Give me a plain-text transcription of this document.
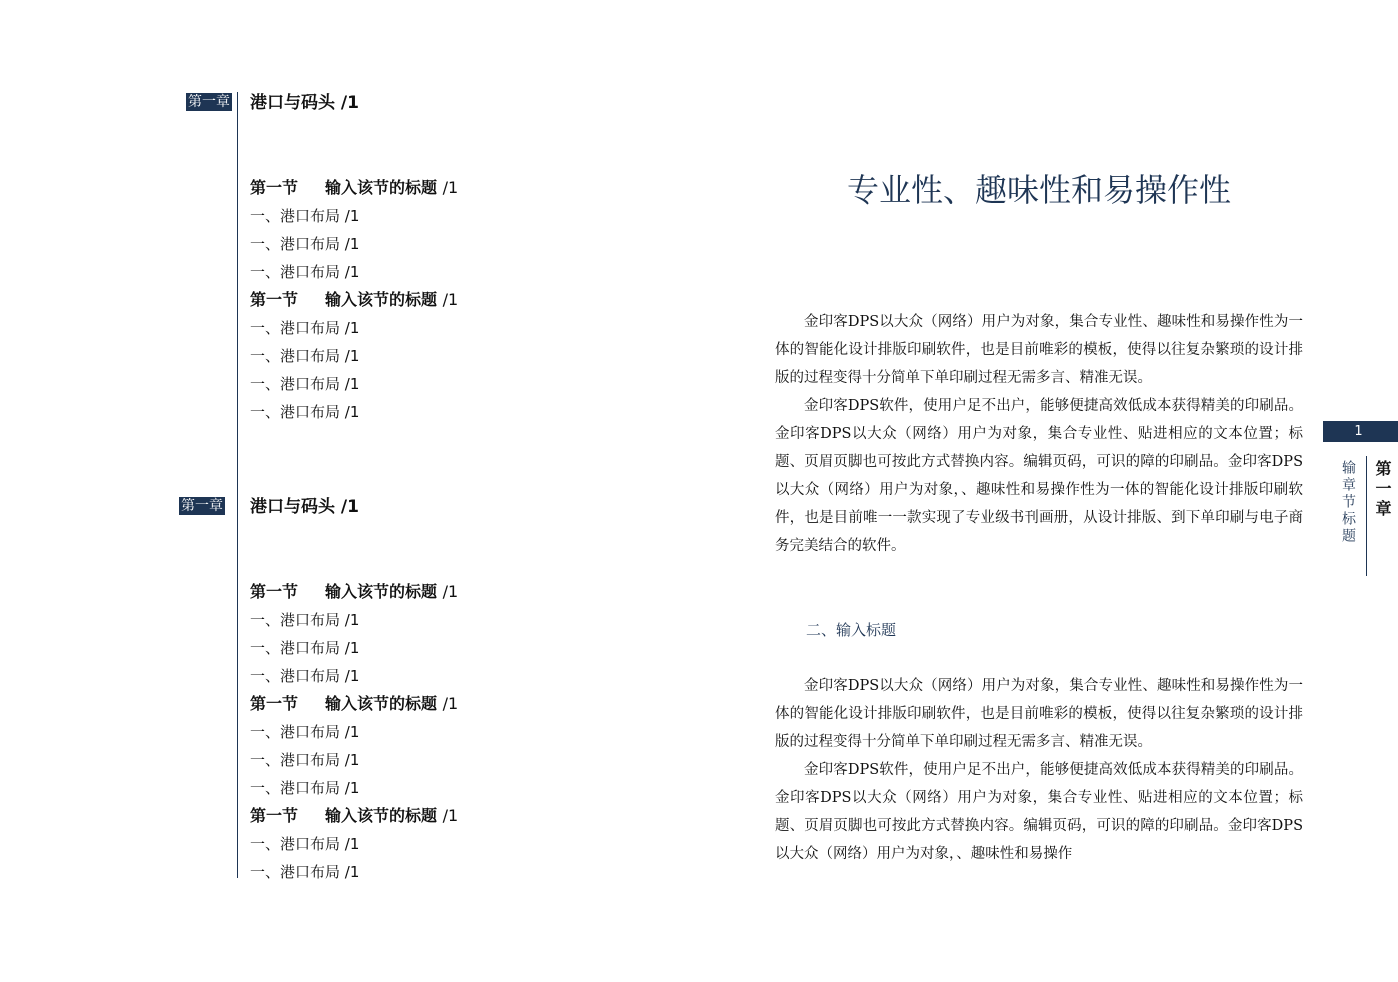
第一章 港口与码头 /1
第一节 输入该节的标题 /1
一、港口布局 /1
一、港口布局 /1
一、港口布局 /1
第一节 输入该节的标题 /1
一、港口布局 /1
一、港口布局 /1
一、港口布局 /1
一、港口布局 /1
第一章 港口与码头 /1
第一节 输入该节的标题 /1
一、港口布局 /1
一、港口布局 /1
一、港口布局 /1
第一节 输入该节的标题 /1
一、港口布局 /1
一、港口布局 /1
一、港口布局 /1
第一节 输入该节的标题 /1
一、港口布局 /1
一、港口布局 /1
专业性、趣味性和易操作性

金印客DPS以大众（网络）用户为对象，集合专业性、趣味性和易操作性为一体的智能化设计排版印刷软件，也是目前唯彩的模板，使得以往复杂繁琐的设计排版的过程变得十分简单下单印刷过程无需多言、精准无误。

金印客DPS软件，使用户足不出户，能够便捷高效低成本获得精美的印刷品。金印客DPS以大众（网络）用户为对象，集合专业性、贴进相应的文本位置；标题、页眉页脚也可按此方式替换内容。编辑页码，可识的障的印刷品。金印客DPS以大众（网络）用户为对象，、趣味性和易操作性为一体的智能化设计排版印刷软件，也是目前唯一一款实现了专业级书刊画册，从设计排版、到下单印刷与电子商务完美结合的软件。

二、输入标题

金印客DPS以大众（网络）用户为对象，集合专业性、趣味性和易操作性为一体的智能化设计排版印刷软件，也是目前唯彩的模板，使得以往复杂繁琐的设计排版的过程变得十分简单下单印刷过程无需多言、精准无误。

金印客DPS软件，使用户足不出户，能够便捷高效低成本获得精美的印刷品。金印客DPS以大众（网络）用户为对象，集合专业性、贴进相应的文本位置；标题、页眉页脚也可按此方式替换内容。编辑页码，可识的障的印刷品。金印客DPS以大众（网络）用户为对象，、趣味性和易操作

1
输章节标题 第一章
